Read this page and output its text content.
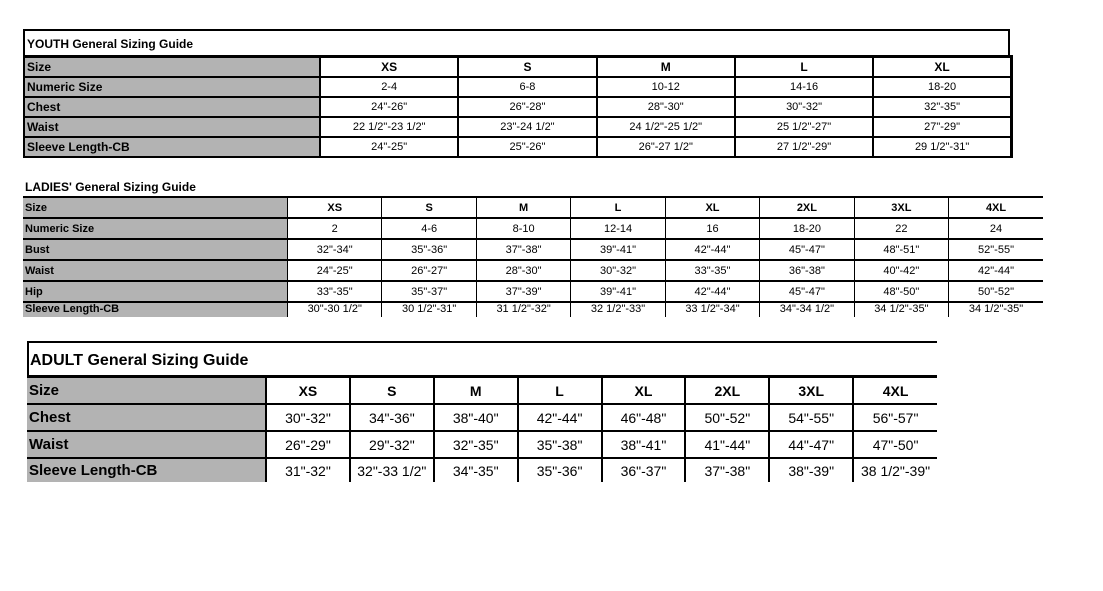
YOUTH General Sizing Guide
Size	XS	S	M	L	XL
Numeric Size	2-4	6-8	10-12	14-16	18-20
Chest	24"-26"	26"-28"	28"-30"	30"-32"	32"-35"
Waist	22 1/2"-23 1/2"	23"-24 1/2"	24 1/2"-25 1/2"	25 1/2"-27"	27"-29"
Sleeve Length-CB	24"-25"	25"-26"	26"-27 1/2"	27 1/2"-29"	29 1/2"-31"
LADIES' General Sizing Guide
Size	XS	S	M	L	XL	2XL	3XL	4XL
Numeric Size	2	4-6	8-10	12-14	16	18-20	22	24
Bust	32"-34"	35"-36"	37"-38"	39"-41"	42"-44"	45"-47"	48"-51"	52"-55"
Waist	24"-25"	26"-27"	28"-30"	30"-32"	33"-35"	36"-38"	40"-42"	42"-44"
Hip	33"-35"	35"-37"	37"-39"	39"-41"	42"-44"	45"-47"	48"-50"	50"-52"
Sleeve Length-CB	30"-30 1/2"	30 1/2"-31"	31 1/2"-32"	32 1/2"-33"	33 1/2"-34"	34"-34 1/2"	34 1/2"-35"	34 1/2"-35"
ADULT General Sizing Guide
Size	XS	S	M	L	XL	2XL	3XL	4XL
Chest	30"-32"	34"-36"	38"-40"	42"-44"	46"-48"	50"-52"	54"-55"	56"-57"
Waist	26"-29"	29"-32"	32"-35"	35"-38"	38"-41"	41"-44"	44"-47"	47"-50"
Sleeve Length-CB	31"-32"	32"-33 1/2"	34"-35"	35"-36"	36"-37"	37"-38"	38"-39"	38 1/2"-39"
